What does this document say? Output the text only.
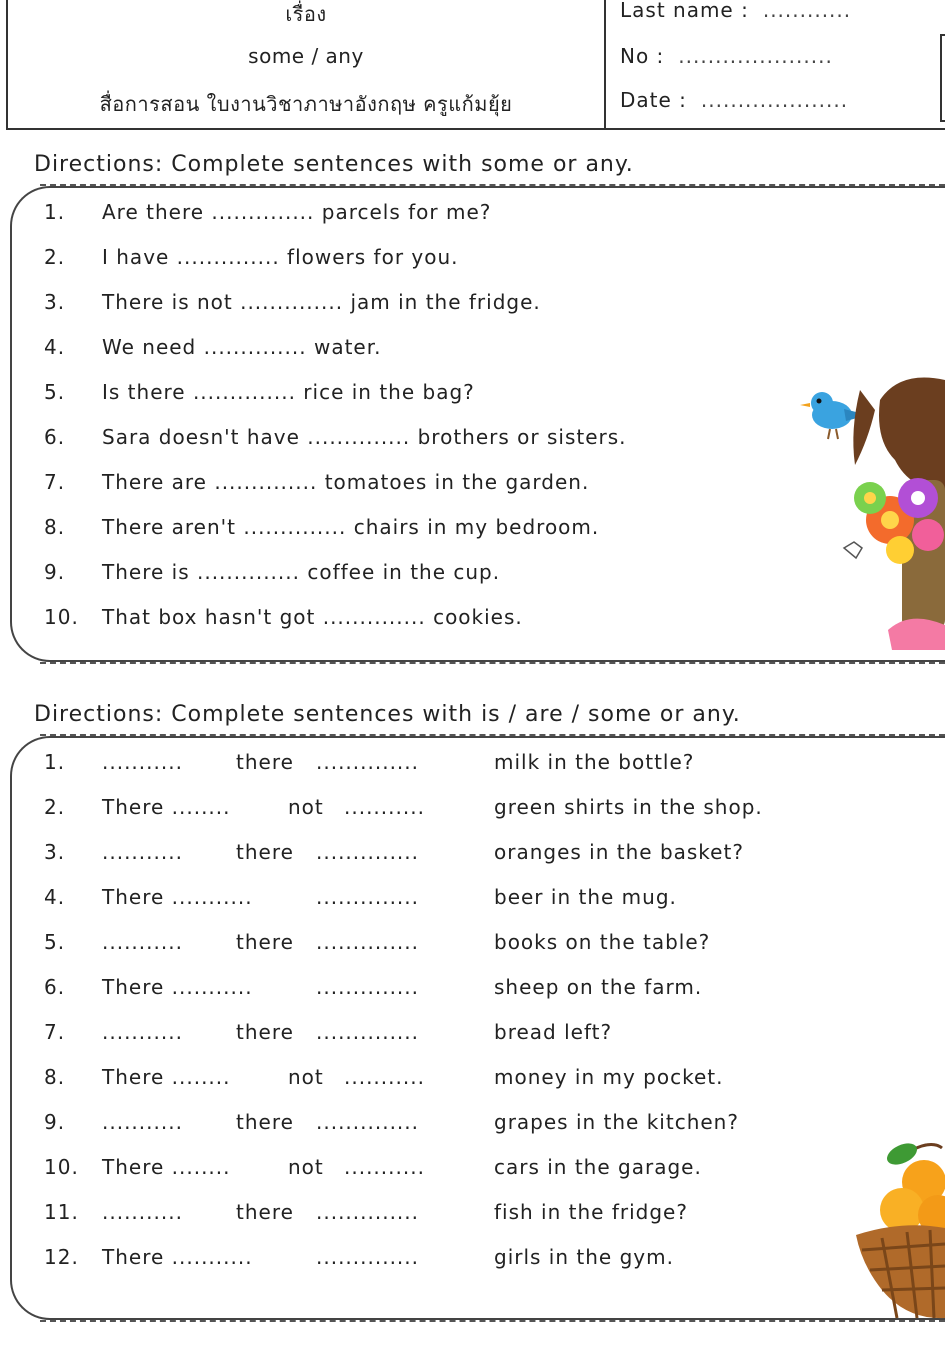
เรื่อง
some / any
สื่อการสอน ใบงานวิชาภาษาอังกฤษ ครูแก้มยุ้ย
Last name : ............
No : .....................
Date : ....................
Directions: Complete sentences with some or any.
1. Are there .............. parcels for me?
2. I have .............. flowers for you.
3. There is not .............. jam in the fridge.
4. We need .............. water.
5. Is there .............. rice in the bag?
6. Sara doesn't have .............. brothers or sisters.
7. There are .............. tomatoes in the garden.
8. There aren't .............. chairs in my bedroom.
9. There is .............. coffee in the cup.
10. That box hasn't got .............. cookies.
Directions: Complete sentences with is / are / some or any.
1. ...........	there ..............	milk in the bottle?
2. There ........	not ...........	green shirts in the shop.
3. ...........	there ..............	oranges in the basket?
4. There ...........	..............	beer in the mug.
5. ...........	there ..............	books on the table?
6. There ...........	..............	sheep on the farm.
7. ...........	there ..............	bread left?
8. There ........	not ...........	money in my pocket.
9. ...........	there ..............	grapes in the kitchen?
10. There ........	not ...........	cars in the garage.
11. ...........	there ..............	fish in the fridge?
12. There ...........	..............	girls in the gym.
